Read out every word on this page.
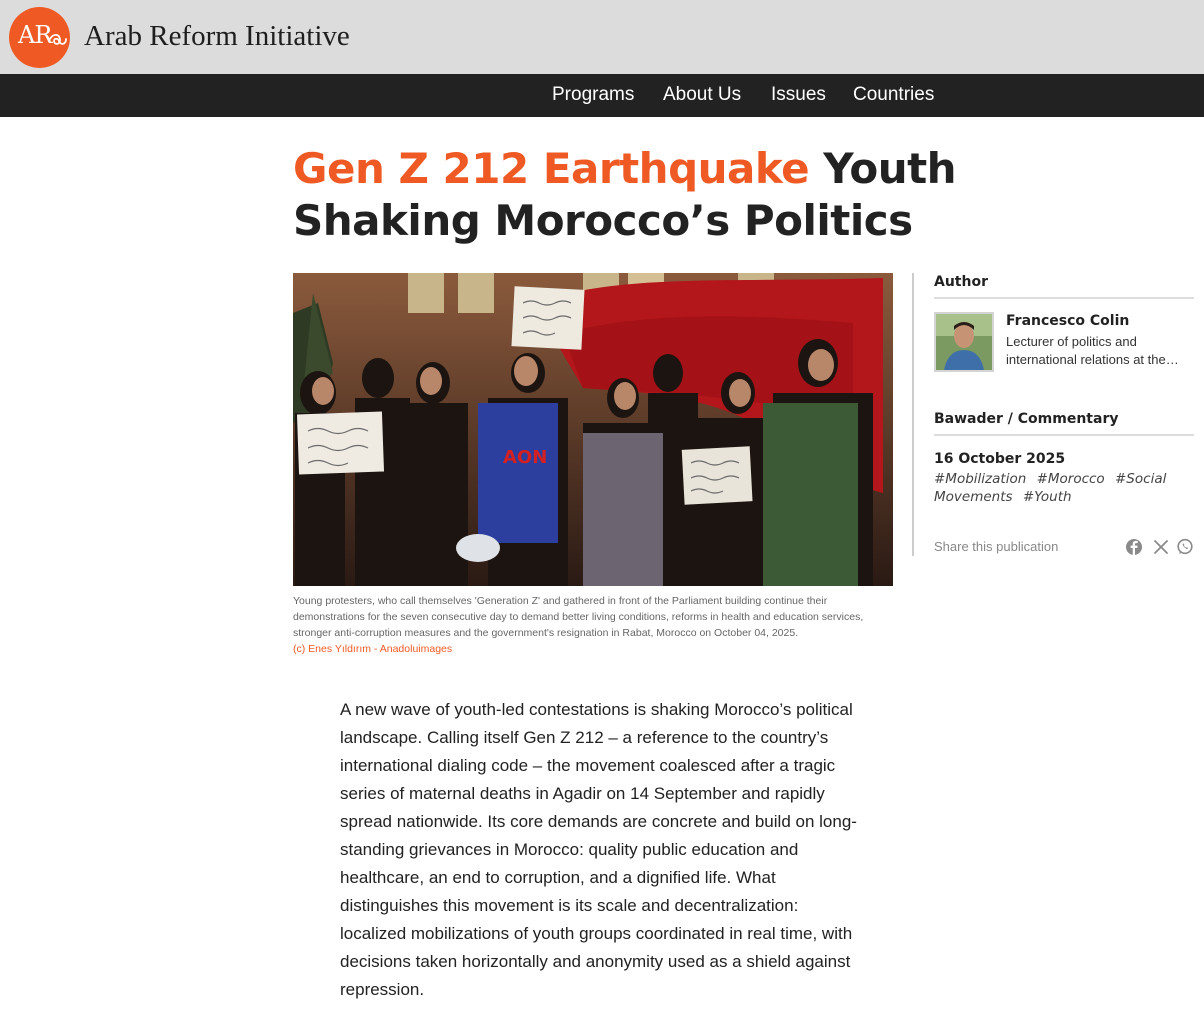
AR Arab Reform Initiative
Programs About Us Issues Countries
Gen Z 212 Earthquake Youth Shaking Morocco’s Politics
AON

Young protesters, who call themselves 'Generation Z' and gathered in front of the Parliament building continue their demonstrations for the seven consecutive day to demand better living conditions, reforms in health and education services, stronger anti-corruption measures and the government's resignation in Rabat, Morocco on October 04, 2025.

(c) Enes Yıldırım - Anadoluimages
Author
Francesco Colin
Lecturer of politics and international relations at the…
Bawader / Commentary
16 October 2025
#Mobilization #Morocco #Social Movements #Youth
Share this publication

A new wave of youth-led contestations is shaking Morocco’s political landscape. Calling itself Gen Z 212 – a reference to the country’s international dialing code – the movement coalesced after a tragic series of maternal deaths in Agadir on 14 September and rapidly spread nationwide. Its core demands are concrete and build on long-standing grievances in Morocco: quality public education and healthcare, an end to corruption, and a dignified life. What distinguishes this movement is its scale and decentralization: localized mobilizations of youth groups coordinated in real time, with decisions taken horizontally and anonymity used as a shield against repression.
